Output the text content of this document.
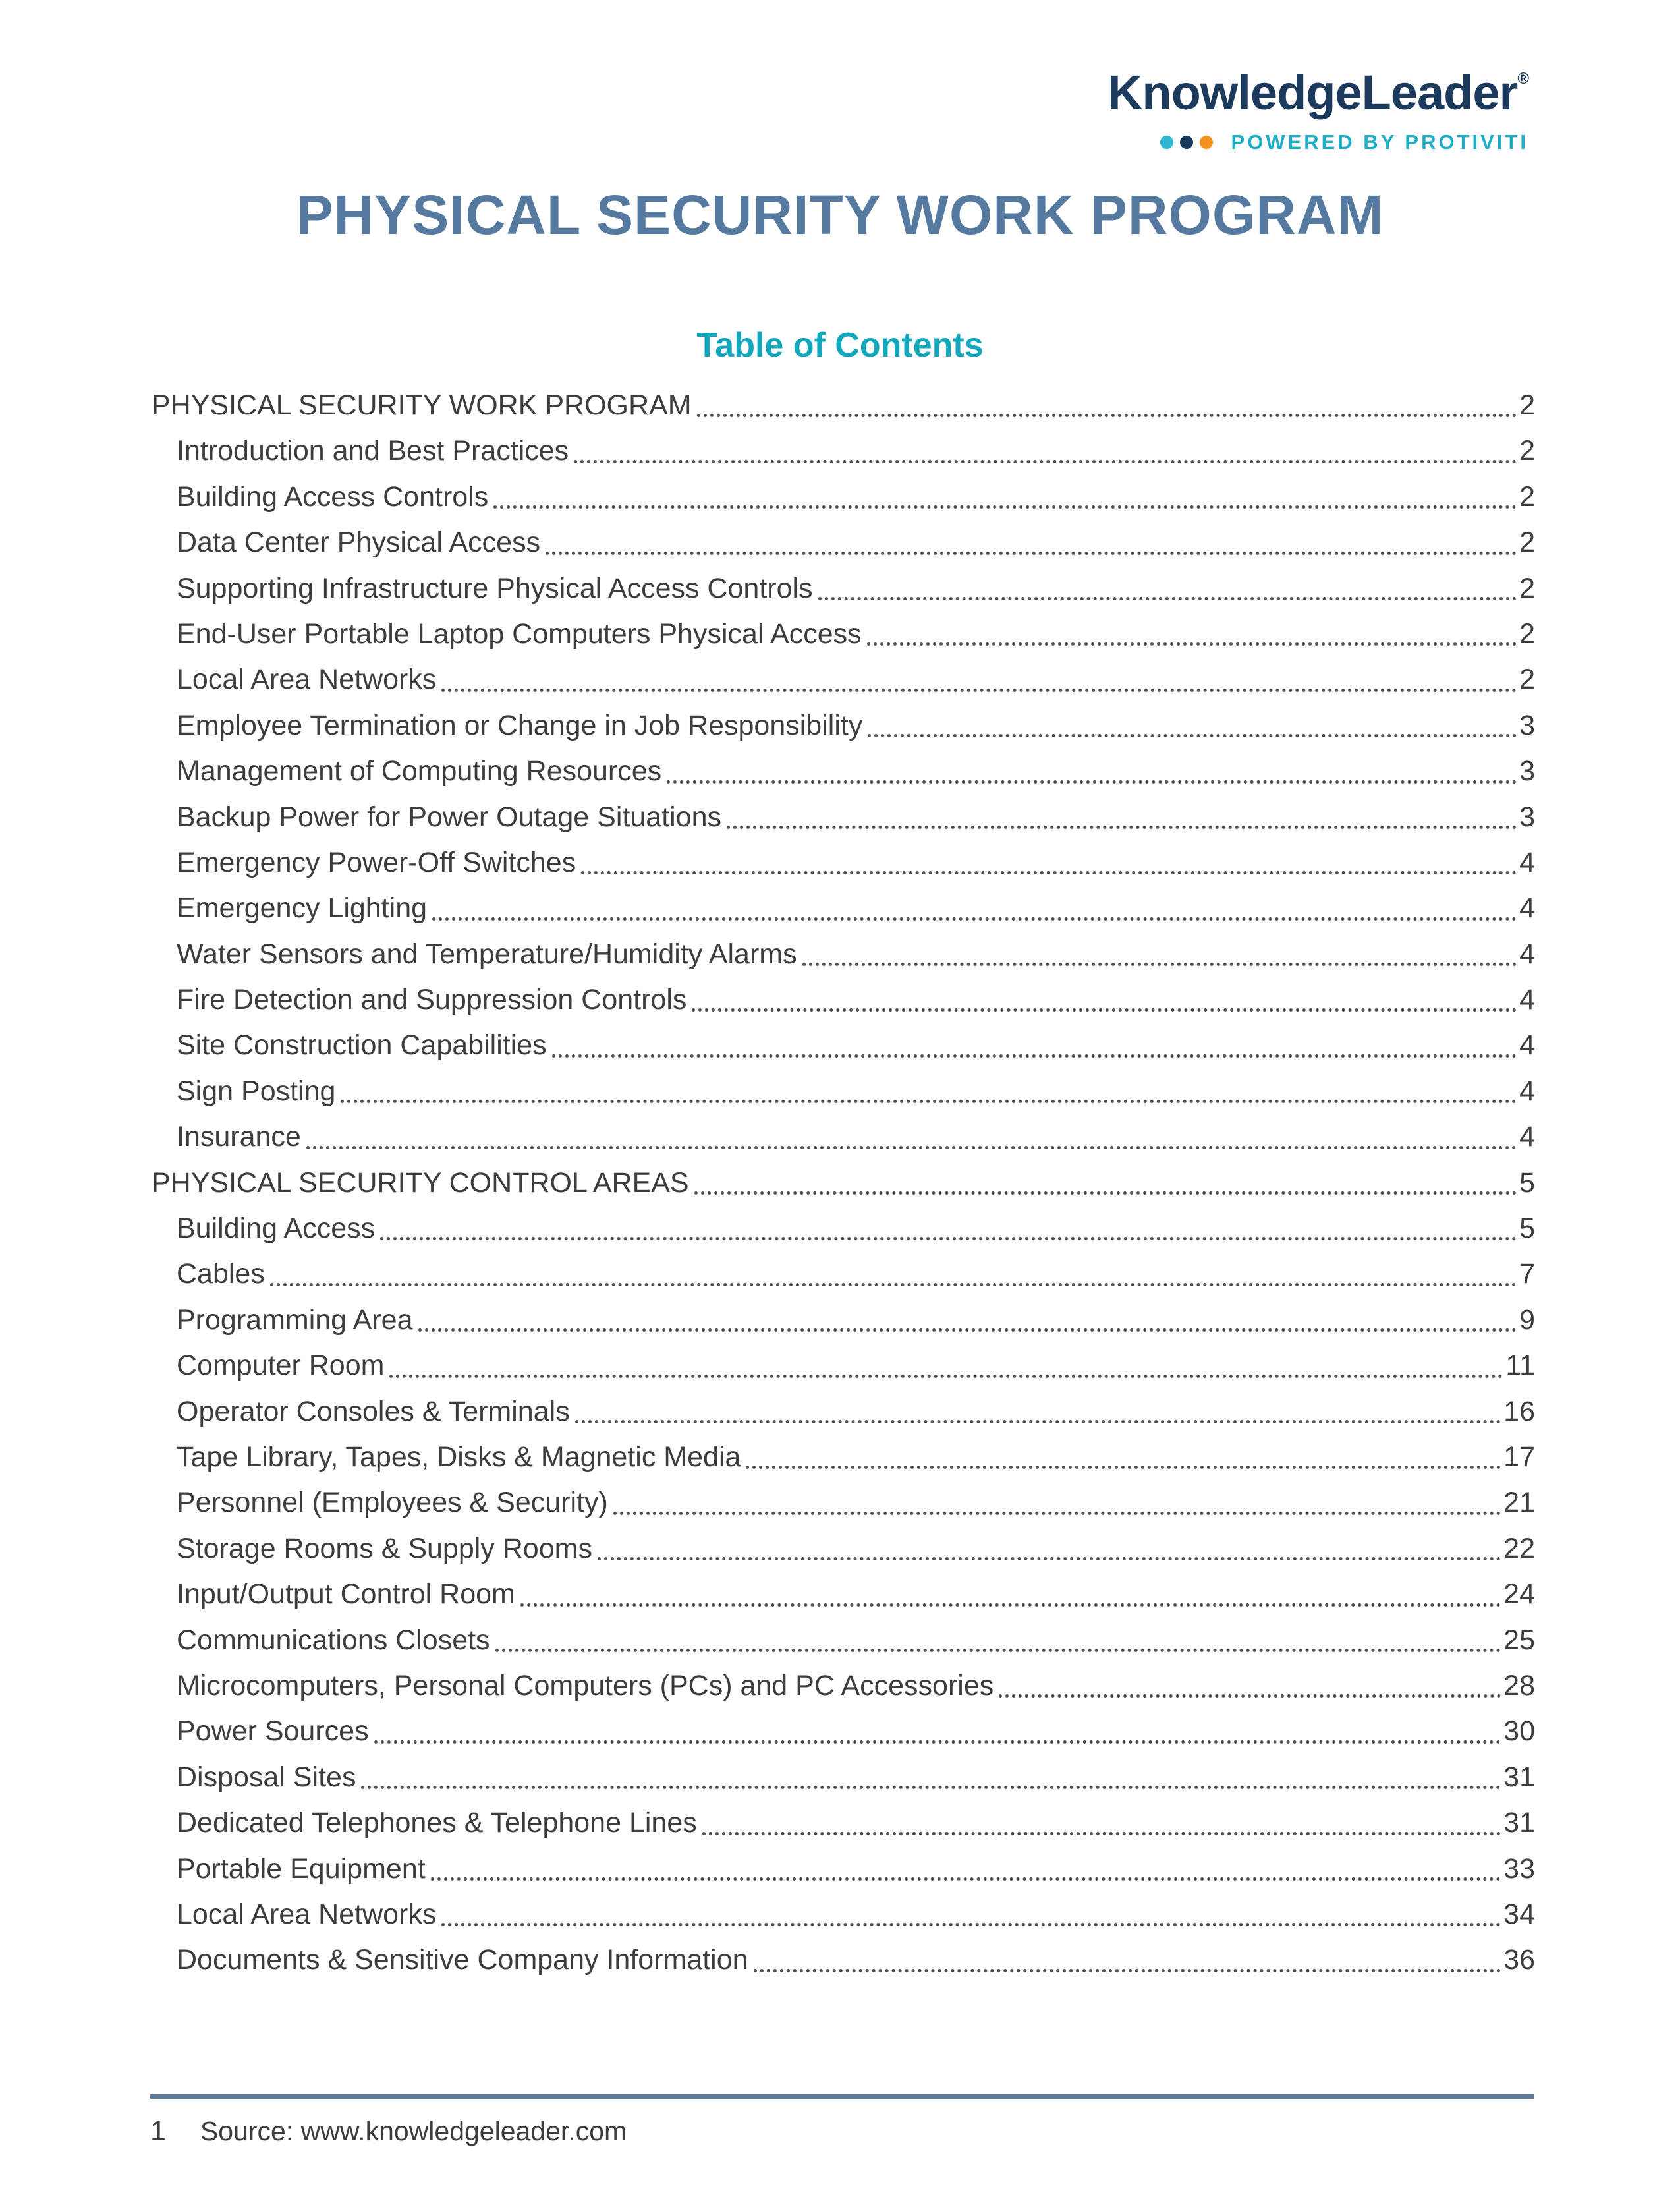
KnowledgeLeader®
POWERED BY PROTIVITI
PHYSICAL SECURITY WORK PROGRAM
Table of Contents
PHYSICAL SECURITY WORK PROGRAM	2
Introduction and Best Practices	2
Building Access Controls	2
Data Center Physical Access	2
Supporting Infrastructure Physical Access Controls	2
End-User Portable Laptop Computers Physical Access	2
Local Area Networks	2
Employee Termination or Change in Job Responsibility	3
Management of Computing Resources	3
Backup Power for Power Outage Situations	3
Emergency Power-Off Switches	4
Emergency Lighting	4
Water Sensors and Temperature/Humidity Alarms	4
Fire Detection and Suppression Controls	4
Site Construction Capabilities	4
Sign Posting	4
Insurance	4
PHYSICAL SECURITY CONTROL AREAS	5
Building Access	5
Cables	7
Programming Area	9
Computer Room	11
Operator Consoles & Terminals	16
Tape Library, Tapes, Disks & Magnetic Media	17
Personnel (Employees & Security)	21
Storage Rooms & Supply Rooms	22
Input/Output Control Room	24
Communications Closets	25
Microcomputers, Personal Computers (PCs) and PC Accessories	28
Power Sources	30
Disposal Sites	31
Dedicated Telephones & Telephone Lines	31
Portable Equipment	33
Local Area Networks	34
Documents & Sensitive Company Information	36
1 Source: www.knowledgeleader.com
